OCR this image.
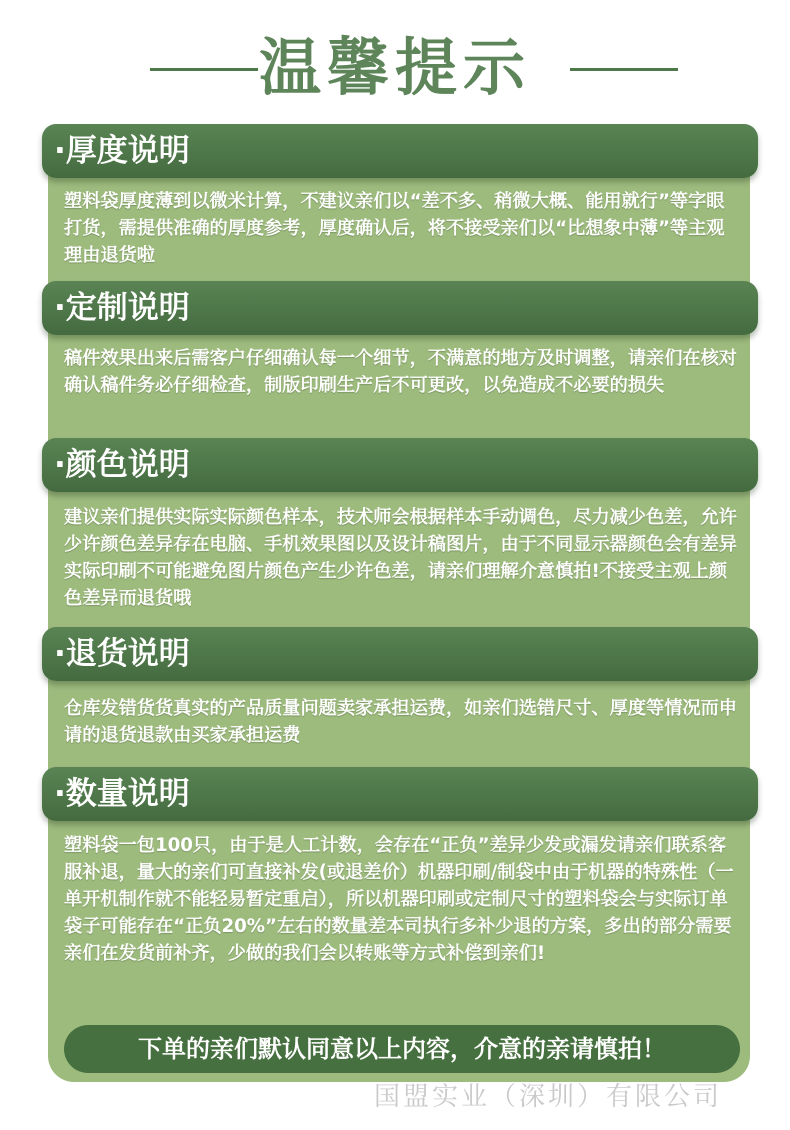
温馨提示
·厚度说明
塑料袋厚度薄到以微米计算，不建议亲们以“差不多、稍微大概、能用就行”等字眼打货，需提供准确的厚度参考，厚度确认后，将不接受亲们以“比想象中薄”等主观理由退货啦
·定制说明
稿件效果出来后需客户仔细确认每一个细节，不满意的地方及时调整，请亲们在核对确认稿件务必仔细检查，制版印刷生产后不可更改，以免造成不必要的损失
·颜色说明
建议亲们提供实际实际颜色样本，技术师会根据样本手动调色，尽力减少色差，允许少许颜色差异存在电脑、手机效果图以及设计稿图片，由于不同显示器颜色会有差异实际印刷不可能避免图片颜色产生少许色差，请亲们理解介意慎拍!不接受主观上颜色差异而退货哦
·退货说明
仓库发错货货真实的产品质量问题卖家承担运费，如亲们选错尺寸、厚度等情况而申请的退货退款由买家承担运费
·数量说明
塑料袋一包100只，由于是人工计数，会存在“正负”差异少发或漏发请亲们联系客服补退，量大的亲们可直接补发(或退差价）机器印刷/制袋中由于机器的特殊性（一单开机制作就不能轻易暂定重启），所以机器印刷或定制尺寸的塑料袋会与实际订单袋子可能存在“正负20%”左右的数量差本司执行多补少退的方案，多出的部分需要亲们在发货前补齐，少做的我们会以转账等方式补偿到亲们!
下单的亲们默认同意以上内容，介意的亲请慎拍！
国盟实业（深圳）有限公司
